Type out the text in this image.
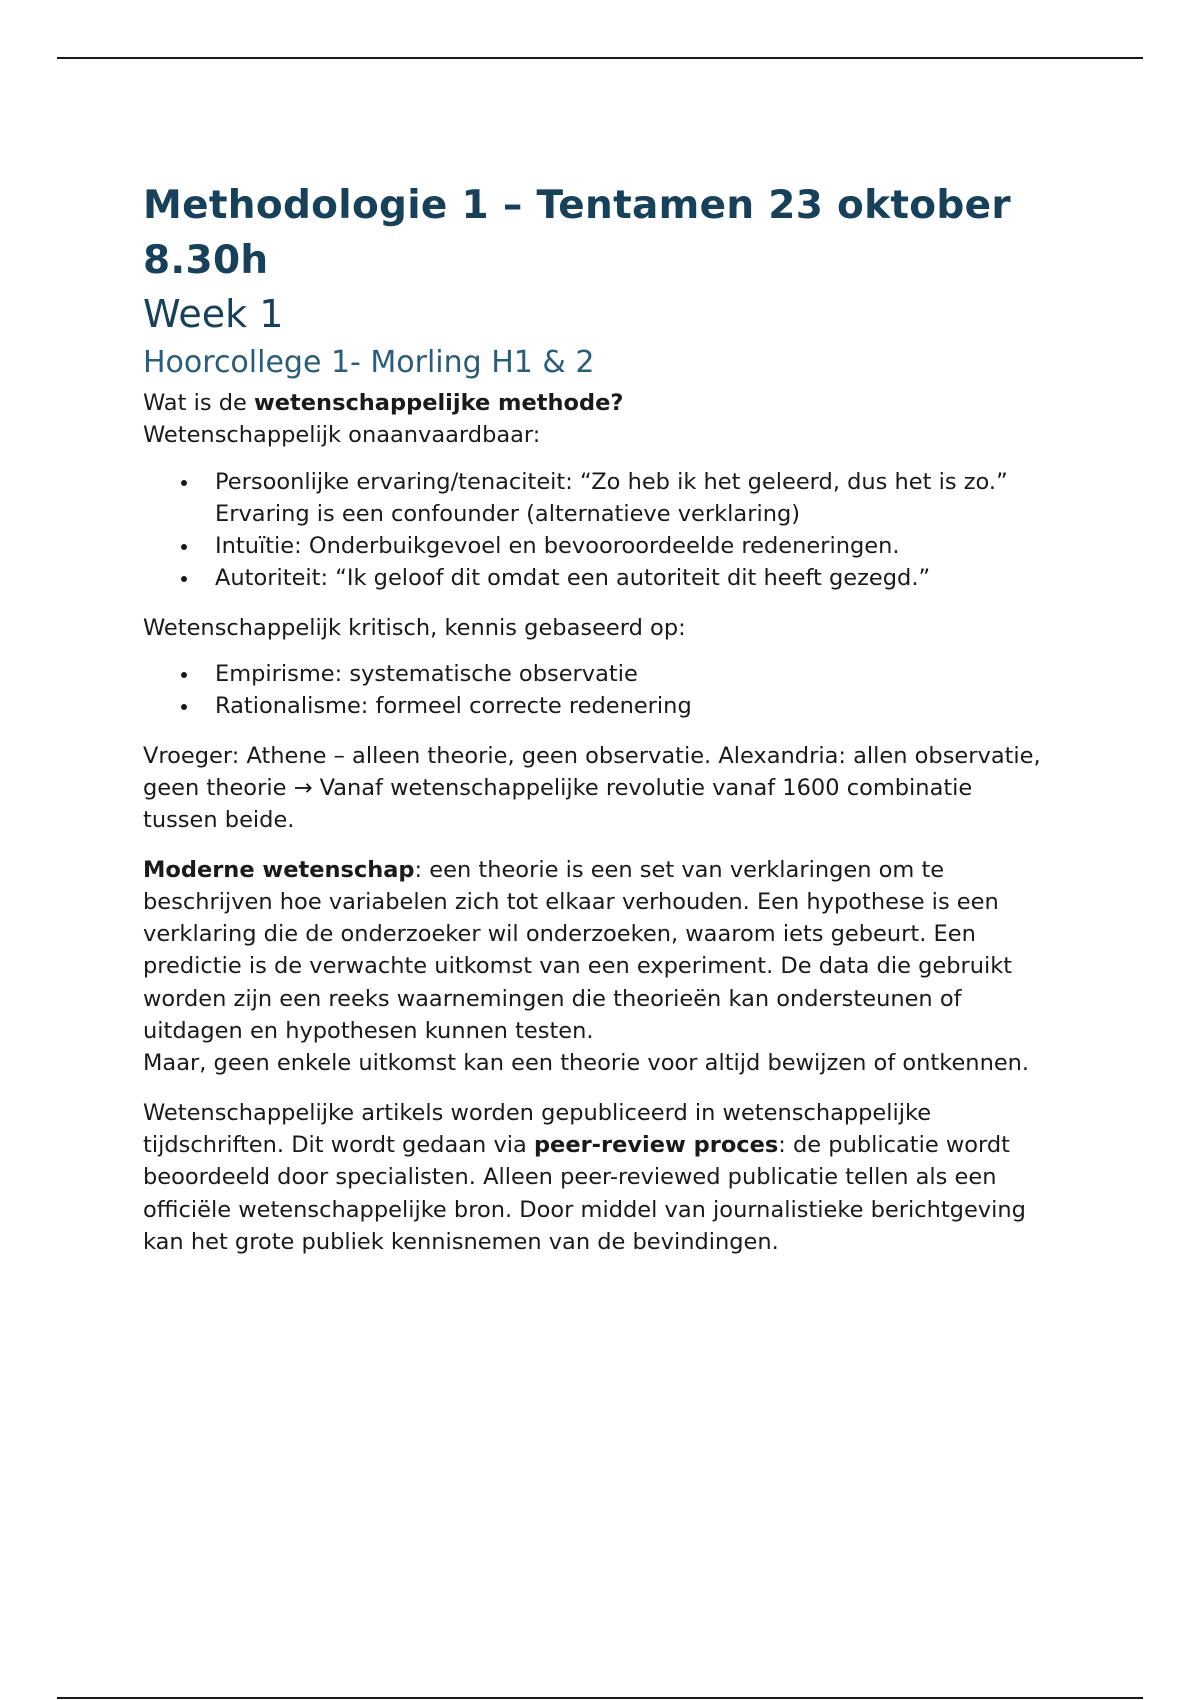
Methodologie 1 – Tentamen 23 oktober 8.30h
Week 1
Hoorcollege 1- Morling H1 & 2

Wat is de wetenschappelijke methode?

Wetenschappelijk onaanvaardbaar:

Persoonlijke ervaring/tenaciteit: “Zo heb ik het geleerd, dus het is zo.” Ervaring is een confounder (alternatieve verklaring)
Intuïtie: Onderbuikgevoel en bevooroordeelde redeneringen.
Autoriteit: “Ik geloof dit omdat een autoriteit dit heeft gezegd.”

Wetenschappelijk kritisch, kennis gebaseerd op:

Empirisme: systematische observatie
Rationalisme: formeel correcte redenering

Vroeger: Athene – alleen theorie, geen observatie. Alexandria: allen observatie, geen theorie → Vanaf wetenschappelijke revolutie vanaf 1600 combinatie tussen beide.

Moderne wetenschap: een theorie is een set van verklaringen om te beschrijven hoe variabelen zich tot elkaar verhouden. Een hypothese is een verklaring die de onderzoeker wil onderzoeken, waarom iets gebeurt. Een predictie is de verwachte uitkomst van een experiment. De data die gebruikt worden zijn een reeks waarnemingen die theorieën kan ondersteunen of uitdagen en hypothesen kunnen testen.

Maar, geen enkele uitkomst kan een theorie voor altijd bewijzen of ontkennen.

Wetenschappelijke artikels worden gepubliceerd in wetenschappelijke tijdschriften. Dit wordt gedaan via peer-review proces: de publicatie wordt beoordeeld door specialisten. Alleen peer-reviewed publicatie tellen als een officiële wetenschappelijke bron. Door middel van journalistieke berichtgeving kan het grote publiek kennisnemen van de bevindingen.
